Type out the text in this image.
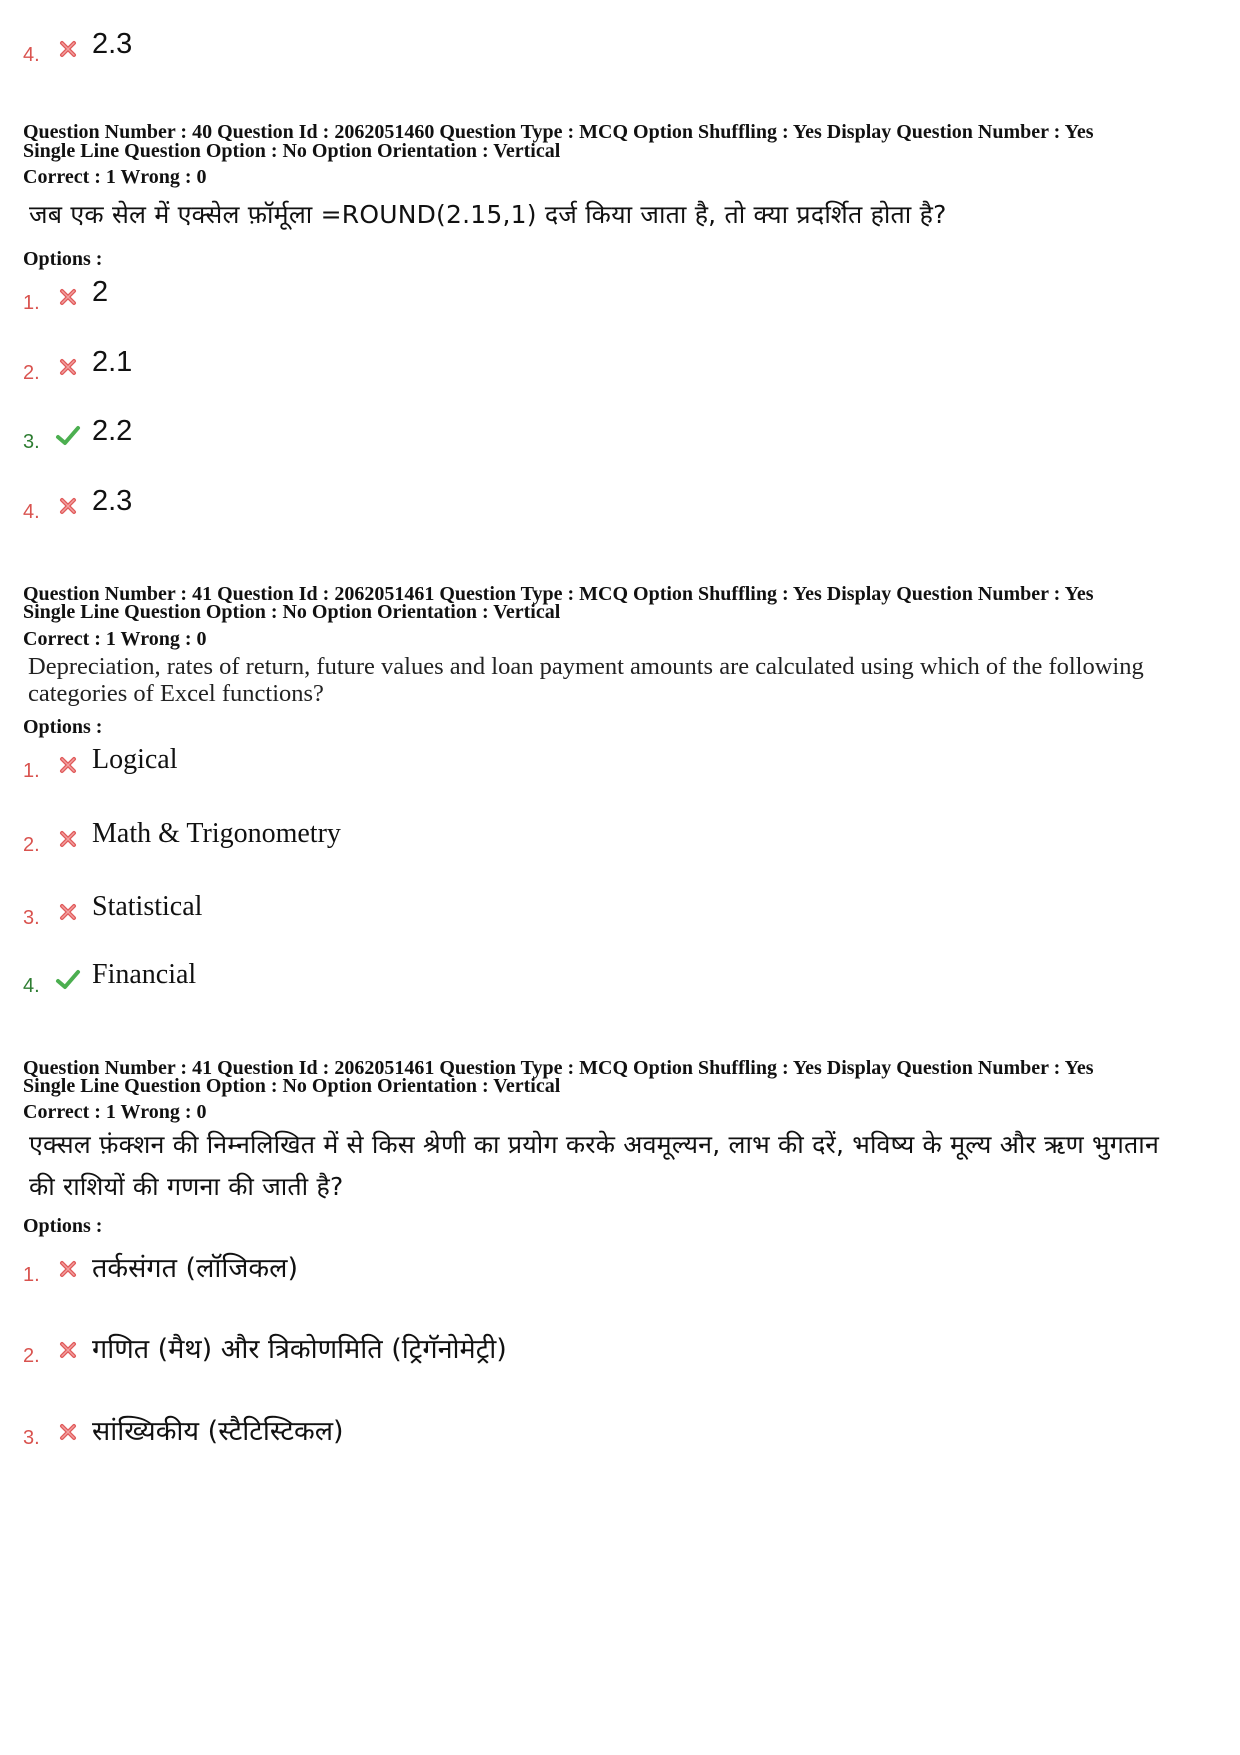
4. 2.3
Question Number : 40 Question Id : 2062051460 Question Type : MCQ Option Shuffling : Yes Display Question Number : Yes
Single Line Question Option : No Option Orientation : Vertical
Correct : 1 Wrong : 0
जब एक सेल में एक्सेल फ़ॉर्मूला =ROUND(2.15,1) दर्ज किया जाता है, तो क्या प्रदर्शित होता है?
Options :
1. 2
2. 2.1
3. 2.2
4. 2.3
Question Number : 41 Question Id : 2062051461 Question Type : MCQ Option Shuffling : Yes Display Question Number : Yes
Single Line Question Option : No Option Orientation : Vertical
Correct : 1 Wrong : 0
Depreciation, rates of return, future values and loan payment amounts are calculated using which of the following categories of Excel functions?
Options :
1. Logical
2. Math & Trigonometry
3. Statistical
4. Financial
Question Number : 41 Question Id : 2062051461 Question Type : MCQ Option Shuffling : Yes Display Question Number : Yes
Single Line Question Option : No Option Orientation : Vertical
Correct : 1 Wrong : 0
एक्सल फ़ंक्शन की निम्नलिखित में से किस श्रेणी का प्रयोग करके अवमूल्यन, लाभ की दरें, भविष्य के मूल्य और ऋण भुगतान की राशियों की गणना की जाती है?
Options :
1. तर्कसंगत (लॉजिकल)
2. गणित (मैथ) और त्रिकोणमिति (ट्रिगॅनोमेट्री)
3. सांख्यिकीय (स्टैटिस्टिकल)
